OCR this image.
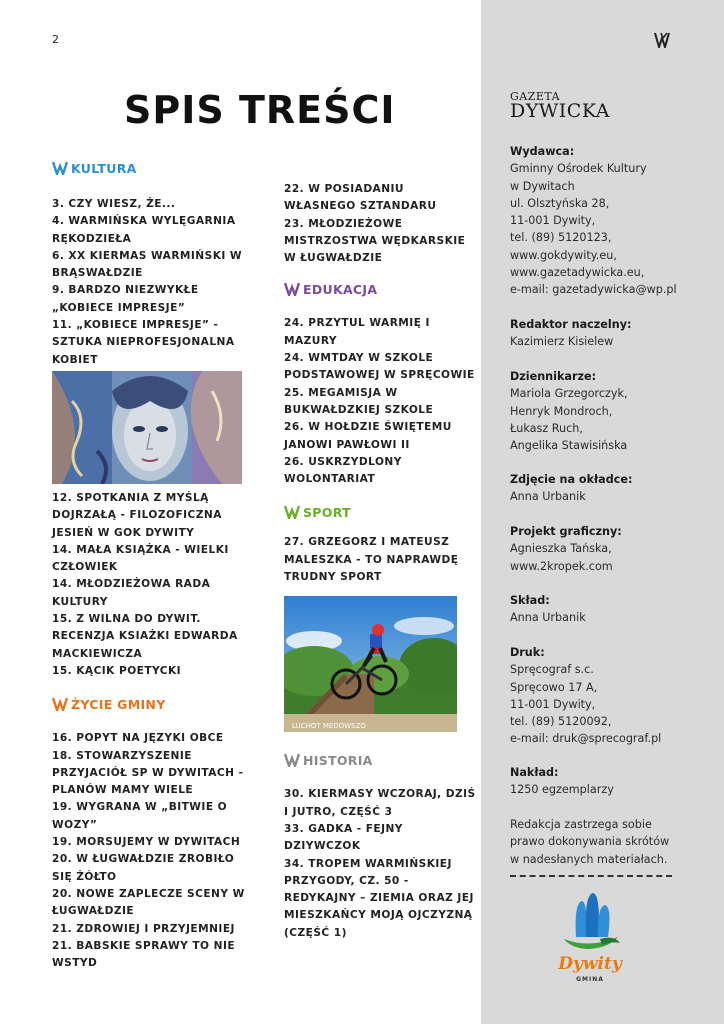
2
SPIS TREŚCI
KULTURA
3. CZY WIESZ, ŻE...
4. WARMIŃSKA WYLĘGARNIA RĘKODZIEŁA
6. XX KIERMAS WARMIŃSKI W BRĄSWAŁDZIE
9. BARDZO NIEZWYKŁE „KOBIECE IMPRESJE”
11. „KOBIECE IMPRESJE” - SZTUKA NIEPROFESJONALNA KOBIET
12. SPOTKANIA Z MYŚLĄ DOJRZAŁĄ - FILOZOFICZNA JESIEŃ W GOK DYWITY
14. MAŁA KSIĄŻKA - WIELKI CZŁOWIEK
14. MŁODZIEŻOWA RADA KULTURY
15. Z WILNA DO DYWIT. RECENZJA KSIAŻKI EDWARDA MACKIEWICZA
15. KĄCIK POETYCKI
ŻYCIE GMINY
16. POPYT NA JĘZYKI OBCE
18. STOWARZYSZENIE PRZYJACIÓŁ SP W DYWITACH - PLANÓW MAMY WIELE
19. WYGRANA W „BITWIE O WOZY”
19. MORSUJEMY W DYWITACH
20. W ŁUGWAŁDZIE ZROBIŁO SIĘ ŻÓŁTO
20. NOWE ZAPLECZE SCENY W ŁUGWAŁDZIE
21. ZDROWIEJ I PRZYJEMNIEJ
21. BABSKIE SPRAWY TO NIE WSTYD
22. W POSIADANIU WŁASNEGO SZTANDARU
23. MŁODZIEŻOWE MISTRZOSTWA WĘDKARSKIE W ŁUGWAŁDZIE
EDUKACJA
24. PRZYTUL WARMIĘ I MAZURY
24. WMTDAY W SZKOLE PODSTAWOWEJ W SPRĘCOWIE
25. MEGAMISJA W BUKWAŁDZKIEJ SZKOLE
26. W HOŁDZIE ŚWIĘTEMU JANOWI PAWŁOWI II
26. USKRZYDLONY WOLONTARIAT
SPORT
27. GRZEGORZ I MATEUSZ MALESZKA - TO NAPRAWDĘ TRUDNY SPORT
LUCHOT MEDOWSZO
HISTORIA
30. KIERMASY WCZORAJ, DZIŚ I JUTRO, CZĘŚĆ 3
33. GADKA - FEJNY DZIYWCZOK
34. TROPEM WARMIŃSKIEJ PRZYGODY, CZ. 50 - REDYKAJNY – ZIEMIA ORAZ JEJ MIESZKAŃCY MOJĄ OJCZYZNĄ (CZĘŚĆ 1)
GAZETA
DYWICKA
Wydawca:
Gminny Ośrodek Kultury
w Dywitach
ul. Olsztyńska 28,
11-001 Dywity,
tel. (89) 5120123,
www.gokdywity.eu,
www.gazetadywicka.eu,
e-mail: gazetadywicka@wp.pl
Redaktor naczelny:
Kazimierz Kisielew
Dziennikarze:
Mariola Grzegorczyk,
Henryk Mondroch,
Łukasz Ruch,
Angelika Stawisińska
Zdjęcie na okładce:
Anna Urbanik
Projekt graficzny:
Agnieszka Tańska,
www.2kropek.com
Skład:
Anna Urbanik
Druk:
Spręcograf s.c.
Spręcowo 17 A,
11-001 Dywity,
tel. (89) 5120092,
e-mail: druk@sprecograf.pl
Nakład:
1250 egzemplarzy
Redakcja zastrzega sobie
prawo dokonywania skrótów
w nadesłanych materiałach.
Dywity
GMINA
